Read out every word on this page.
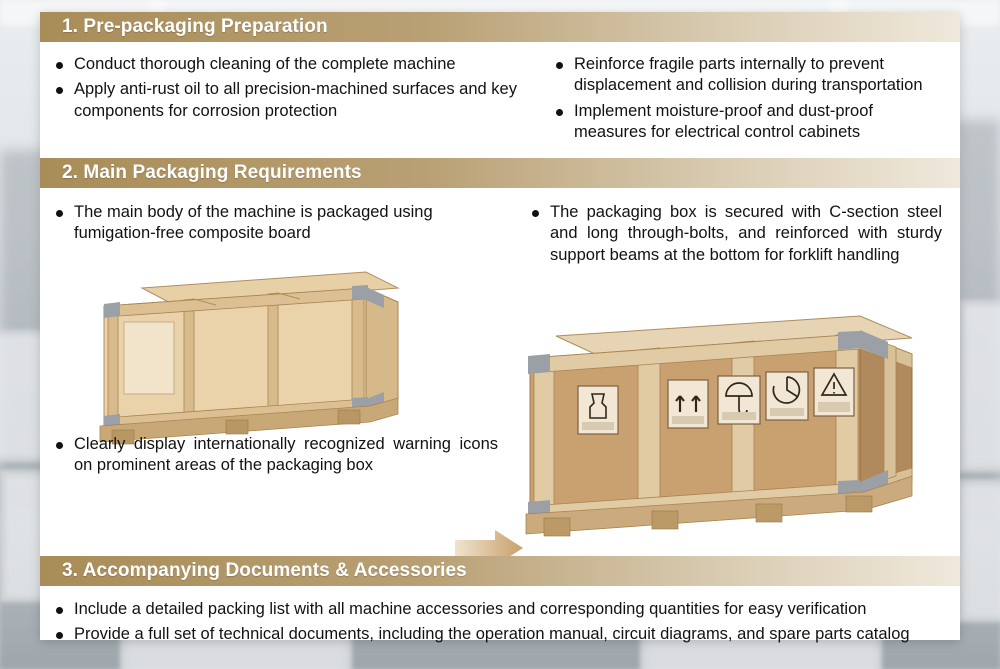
1. Pre-packaging Preparation
Conduct thorough cleaning of the complete machine
Apply anti-rust oil to all precision-machined surfaces and key components for corrosion protection
Reinforce fragile parts internally to prevent displacement and collision during transportation
Implement moisture-proof and dust-proof measures for electrical control cabinets
2. Main Packaging Requirements
The main body of the machine is packaged using fumigation-free composite board
The packaging box is secured with C-section steel and long through-bolts, and reinforced with sturdy support beams at the bottom for forklift handling
Clearly display internationally recognized warning icons on prominent areas of the packaging box
3. Accompanying Documents & Accessories
Include a detailed packing list with all machine accessories and corresponding quantities for easy verification
Provide a full set of technical documents, including the operation manual, circuit diagrams, and spare parts catalog
